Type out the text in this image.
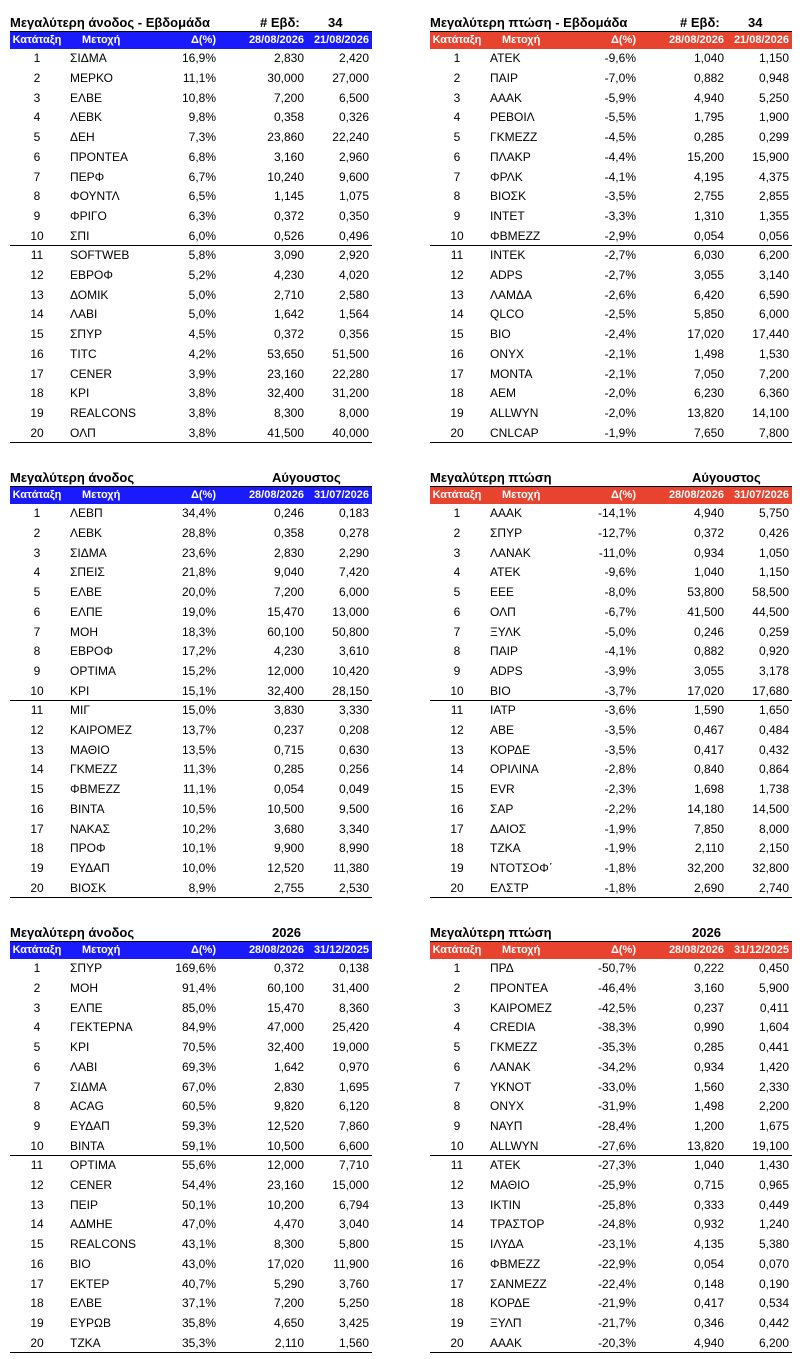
Μεγαλύτερη άνοδος - Εβδομάδα	# Εβδ: 34
Κατάταξη Μετοχή	Δ(%)	28/08/2026 21/08/2026
1	ΣΙΔΜΑ	16,9%	2,830	2,420
2	ΜΕΡΚΟ	11,1%	30,000	27,000
3	ΕΛΒΕ	10,8%	7,200	6,500
4	ΛΕΒΚ	9,8%	0,358	0,326
5	ΔΕΗ	7,3%	23,860	22,240
6	ΠΡΟΝΤΕΑ	6,8%	3,160	2,960
7	ΠΕΡΦ	6,7%	10,240	9,600
8	ΦΟΥΝΤΛ	6,5%	1,145	1,075
9	ΦΡΙΓΟ	6,3%	0,372	0,350
10	ΣΠΙ	6,0%	0,526	0,496
11	SOFTWEB	5,8%	3,090	2,920
12	ΕΒΡΟΦ	5,2%	4,230	4,020
13	ΔΟΜΙΚ	5,0%	2,710	2,580
14	ΛΑΒΙ	5,0%	1,642	1,564
15	ΣΠΥΡ	4,5%	0,372	0,356
16	TITC	4,2%	53,650	51,500
17	CENER	3,9%	23,160	22,280
18	ΚΡΙ	3,8%	32,400	31,200
19	REALCONS	3,8%	8,300	8,000
20	ΟΛΠ	3,8%	41,500	40,000
Μεγαλύτερη πτώση - Εβδομάδα	# Εβδ: 34
Κατάταξη Μετοχή	Δ(%)	28/08/2026 21/08/2026
1	ΑΤΕΚ	-9,6%	1,040	1,150
2	ΠΑΙΡ	-7,0%	0,882	0,948
3	ΑΑΑΚ	-5,9%	4,940	5,250
4	ΡΕΒΟΙΛ	-5,5%	1,795	1,900
5	ΓΚΜΕΖΖ	-4,5%	0,285	0,299
6	ΠΛΑΚΡ	-4,4%	15,200	15,900
7	ΦΡΛΚ	-4,1%	4,195	4,375
8	ΒΙΟΣΚ	-3,5%	2,755	2,855
9	ΙΝΤΕΤ	-3,3%	1,310	1,355
10	ΦΒΜΕΖΖ	-2,9%	0,054	0,056
11	ΙΝΤΕΚ	-2,7%	6,030	6,200
12	ADPS	-2,7%	3,055	3,140
13	ΛΑΜΔΑ	-2,6%	6,420	6,590
14	QLCO	-2,5%	5,850	6,000
15	ΒΙΟ	-2,4%	17,020	17,440
16	ΟΝΥΧ	-2,1%	1,498	1,530
17	ΜΟΝΤΑ	-2,1%	7,050	7,200
18	ΑΕΜ	-2,0%	6,230	6,360
19	ALLWYN	-2,0%	13,820	14,100
20	CNLCAP	-1,9%	7,650	7,800
Μεγαλύτερη άνοδος	Αύγουστος
Κατάταξη Μετοχή	Δ(%)	28/08/2026 31/07/2026
1	ΛΕΒΠ	34,4%	0,246	0,183
2	ΛΕΒΚ	28,8%	0,358	0,278
3	ΣΙΔΜΑ	23,6%	2,830	2,290
4	ΣΠΕΙΣ	21,8%	9,040	7,420
5	ΕΛΒΕ	20,0%	7,200	6,000
6	ΕΛΠΕ	19,0%	15,470	13,000
7	ΜΟΗ	18,3%	60,100	50,800
8	ΕΒΡΟΦ	17,2%	4,230	3,610
9	ΟΡΤΙΜΑ	15,2%	12,000	10,420
10	ΚΡΙ	15,1%	32,400	28,150
11	ΜΙΓ	15,0%	3,830	3,330
12	ΚΑΙΡΟΜΕΖ	13,7%	0,237	0,208
13	ΜΑΘΙΟ	13,5%	0,715	0,630
14	ΓΚΜΕΖΖ	11,3%	0,285	0,256
15	ΦΒΜΕΖΖ	11,1%	0,054	0,049
16	ΒΙΝΤΑ	10,5%	10,500	9,500
17	ΝΑΚΑΣ	10,2%	3,680	3,340
18	ΠΡΟΦ	10,1%	9,900	8,990
19	ΕΥΔΑΠ	10,0%	12,520	11,380
20	ΒΙΟΣΚ	8,9%	2,755	2,530
Μεγαλύτερη πτώση	Αύγουστος
Κατάταξη Μετοχή	Δ(%)	28/08/2026 31/07/2026
1	ΑΑΑΚ	-14,1%	4,940	5,750
2	ΣΠΥΡ	-12,7%	0,372	0,426
3	ΛΑΝΑΚ	-11,0%	0,934	1,050
4	ΑΤΕΚ	-9,6%	1,040	1,150
5	ΕΕΕ	-8,0%	53,800	58,500
6	ΟΛΠ	-6,7%	41,500	44,500
7	ΞΥΛΚ	-5,0%	0,246	0,259
8	ΠΑΙΡ	-4,1%	0,882	0,920
9	ADPS	-3,9%	3,055	3,178
10	ΒΙΟ	-3,7%	17,020	17,680
11	ΙΑΤΡ	-3,6%	1,590	1,650
12	ΑΒΕ	-3,5%	0,467	0,484
13	ΚΟΡΔΕ	-3,5%	0,417	0,432
14	ΟΡΙΛΙΝΑ	-2,8%	0,840	0,864
15	EVR	-2,3%	1,698	1,738
16	ΣΑΡ	-2,2%	14,180	14,500
17	ΔΑΙΟΣ	-1,9%	7,850	8,000
18	ΤΖΚΑ	-1,9%	2,110	2,150
19	ΝΤΟΤΣΟΦ΄	-1,8%	32,200	32,800
20	ΕΛΣΤΡ	-1,8%	2,690	2,740
Μεγαλύτερη άνοδος	2026
Κατάταξη Μετοχή	Δ(%)	28/08/2026 31/12/2025
1	ΣΠΥΡ	169,6%	0,372	0,138
2	ΜΟΗ	91,4%	60,100	31,400
3	ΕΛΠΕ	85,0%	15,470	8,360
4	ΓΕΚΤΕΡΝΑ	84,9%	47,000	25,420
5	ΚΡΙ	70,5%	32,400	19,000
6	ΛΑΒΙ	69,3%	1,642	0,970
7	ΣΙΔΜΑ	67,0%	2,830	1,695
8	ACAG	60,5%	9,820	6,120
9	ΕΥΔΑΠ	59,3%	12,520	7,860
10	ΒΙΝΤΑ	59,1%	10,500	6,600
11	ΟΡΤΙΜΑ	55,6%	12,000	7,710
12	CENER	54,4%	23,160	15,000
13	ΠΕΙΡ	50,1%	10,200	6,794
14	ΑΔΜΗΕ	47,0%	4,470	3,040
15	REALCONS	43,1%	8,300	5,800
16	ΒΙΟ	43,0%	17,020	11,900
17	ΕΚΤΕΡ	40,7%	5,290	3,760
18	ΕΛΒΕ	37,1%	7,200	5,250
19	ΕΥΡΩΒ	35,8%	4,650	3,425
20	ΤΖΚΑ	35,3%	2,110	1,560
Μεγαλύτερη πτώση	2026
Κατάταξη Μετοχή	Δ(%)	28/08/2026 31/12/2025
1	ΠΡΔ	-50,7%	0,222	0,450
2	ΠΡΟΝΤΕΑ	-46,4%	3,160	5,900
3	ΚΑΙΡΟΜΕΖ	-42,5%	0,237	0,411
4	CREDIA	-38,3%	0,990	1,604
5	ΓΚΜΕΖΖ	-35,3%	0,285	0,441
6	ΛΑΝΑΚ	-34,2%	0,934	1,420
7	ΥΚΝΟΤ	-33,0%	1,560	2,330
8	ΟΝΥΧ	-31,9%	1,498	2,200
9	ΝΑΥΠ	-28,4%	1,200	1,675
10	ALLWYN	-27,6%	13,820	19,100
11	ΑΤΕΚ	-27,3%	1,040	1,430
12	ΜΑΘΙΟ	-25,9%	0,715	0,965
13	ΙΚΤΙΝ	-25,8%	0,333	0,449
14	ΤΡΑΣΤΟΡ	-24,8%	0,932	1,240
15	ΙΛΥΔΑ	-23,1%	4,135	5,380
16	ΦΒΜΕΖΖ	-22,9%	0,054	0,070
17	ΣΑΝΜΕΖΖ	-22,4%	0,148	0,190
18	ΚΟΡΔΕ	-21,9%	0,417	0,534
19	ΞΥΛΠ	-21,7%	0,346	0,442
20	ΑΑΑΚ	-20,3%	4,940	6,200
